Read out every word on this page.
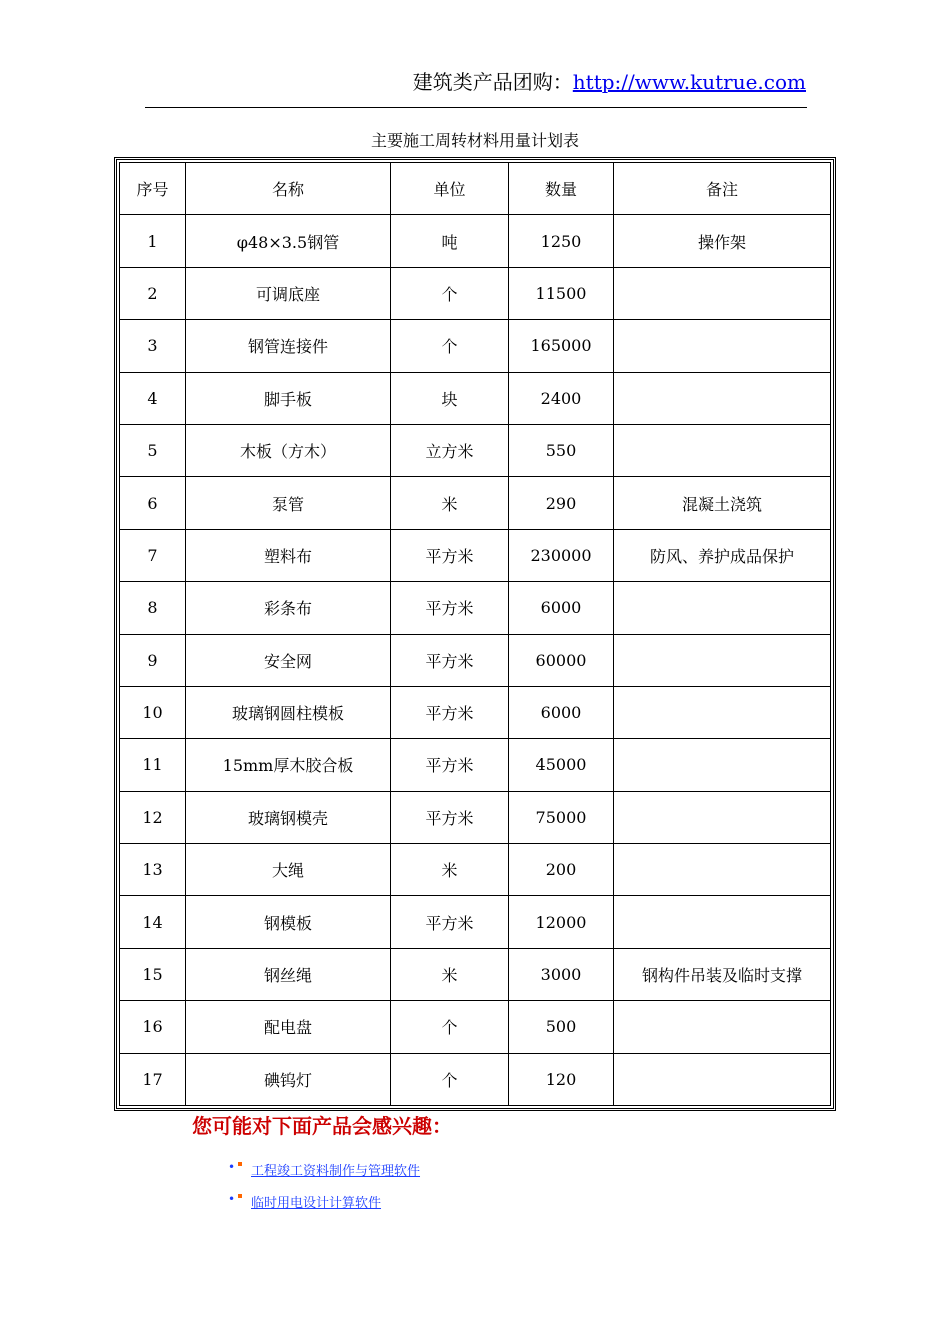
建筑类产品团购：http://www.kutrue.com
主要施工周转材料用量计划表
序号	名称	单位	数量	备注
1	φ48×3.5钢管	吨	1250	操作架
2	可调底座	个	11500	
3	钢管连接件	个	165000	
4	脚手板	块	2400	
5	木板（方木）	立方米	550	
6	泵管	米	290	混凝土浇筑
7	塑料布	平方米	230000	防风、养护成品保护
8	彩条布	平方米	6000	
9	安全网	平方米	60000	
10	玻璃钢圆柱模板	平方米	6000	
11	15mm厚木胶合板	平方米	45000	
12	玻璃钢模壳	平方米	75000	
13	大绳	米	200	
14	钢模板	平方米	12000	
15	钢丝绳	米	3000	钢构件吊装及临时支撑
16	配电盘	个	500	
17	碘钨灯	个	120	
您可能对下面产品会感兴趣：
• 工程竣工资料制作与管理软件
• 临时用电设计计算软件
